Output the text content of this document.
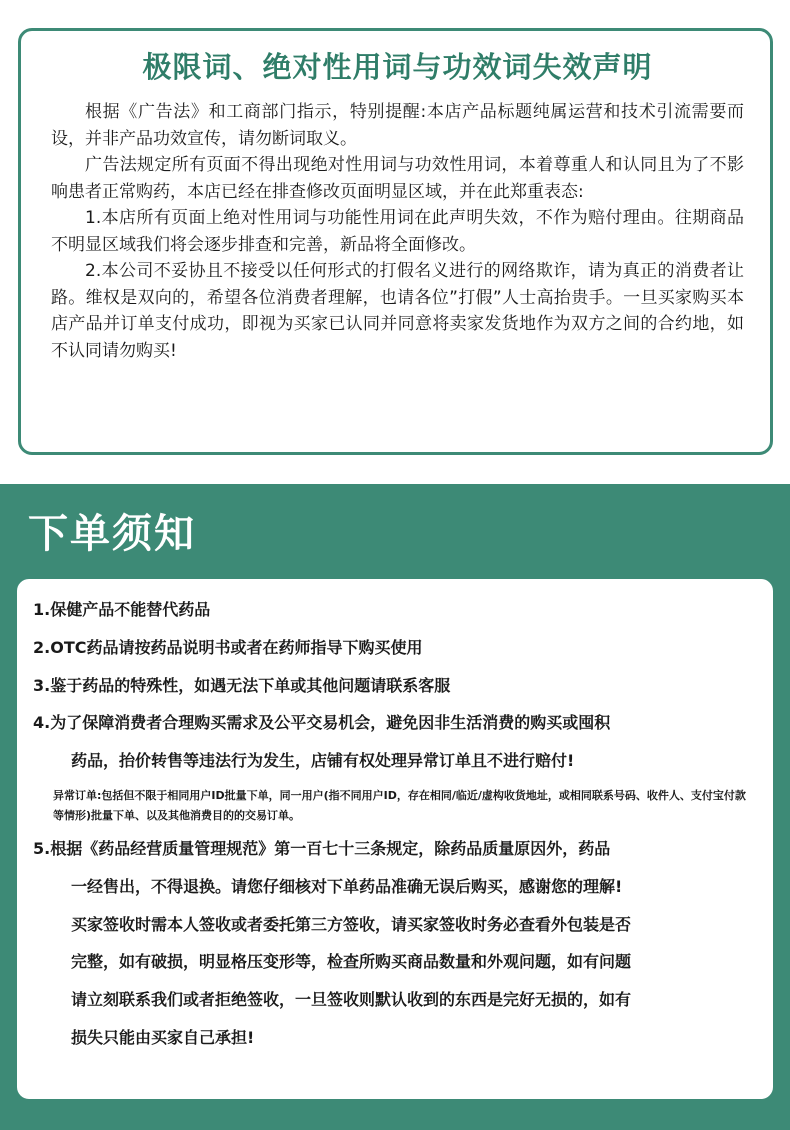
极限词、绝对性用词与功效词失效声明

根据《广告法》和工商部门指示，特别提醒:本店产品标题纯属运营和技术引流需要而设，并非产品功效宣传，请勿断词取义。

广告法规定所有页面不得出现绝对性用词与功效性用词，本着尊重人和认同且为了不影响患者正常购药，本店已经在排查修改页面明显区域，并在此郑重表态:

1.本店所有页面上绝对性用词与功能性用词在此声明失效，不作为赔付理由。往期商品不明显区域我们将会逐步排查和完善，新品将全面修改。

2.本公司不妥协且不接受以任何形式的打假名义进行的网络欺诈，请为真正的消费者让路。维权是双向的，希望各位消费者理解，也请各位”打假”人士高抬贵手。一旦买家购买本店产品并订单支付成功，即视为买家已认同并同意将卖家发货地作为双方之间的合约地，如不认同请勿购买!

下单须知
1.保健产品不能替代药品
2.OTC药品请按药品说明书或者在药师指导下购买使用
3.鉴于药品的特殊性，如遇无法下单或其他问题请联系客服
4.为了保障消费者合理购买需求及公平交易机会，避免因非生活消费的购买或囤积
药品，抬价转售等违法行为发生，店铺有权处理异常订单且不进行赔付!
异常订单:包括但不限于相同用户ID批量下单，同一用户(指不同用户ID，存在相同/临近/虚构收货地址，或相同联系号码、收件人、支付宝付款等情形)批量下单、以及其他消费目的的交易订单。
5.根据《药品经营质量管理规范》第一百七十三条规定，除药品质量原因外，药品
一经售出，不得退换。请您仔细核对下单药品准确无误后购买，感谢您的理解!
买家签收时需本人签收或者委托第三方签收，请买家签收时务必查看外包装是否
完整，如有破损，明显格压变形等，检查所购买商品数量和外观问题，如有问题
请立刻联系我们或者拒绝签收，一旦签收则默认收到的东西是完好无损的，如有
损失只能由买家自己承担!
